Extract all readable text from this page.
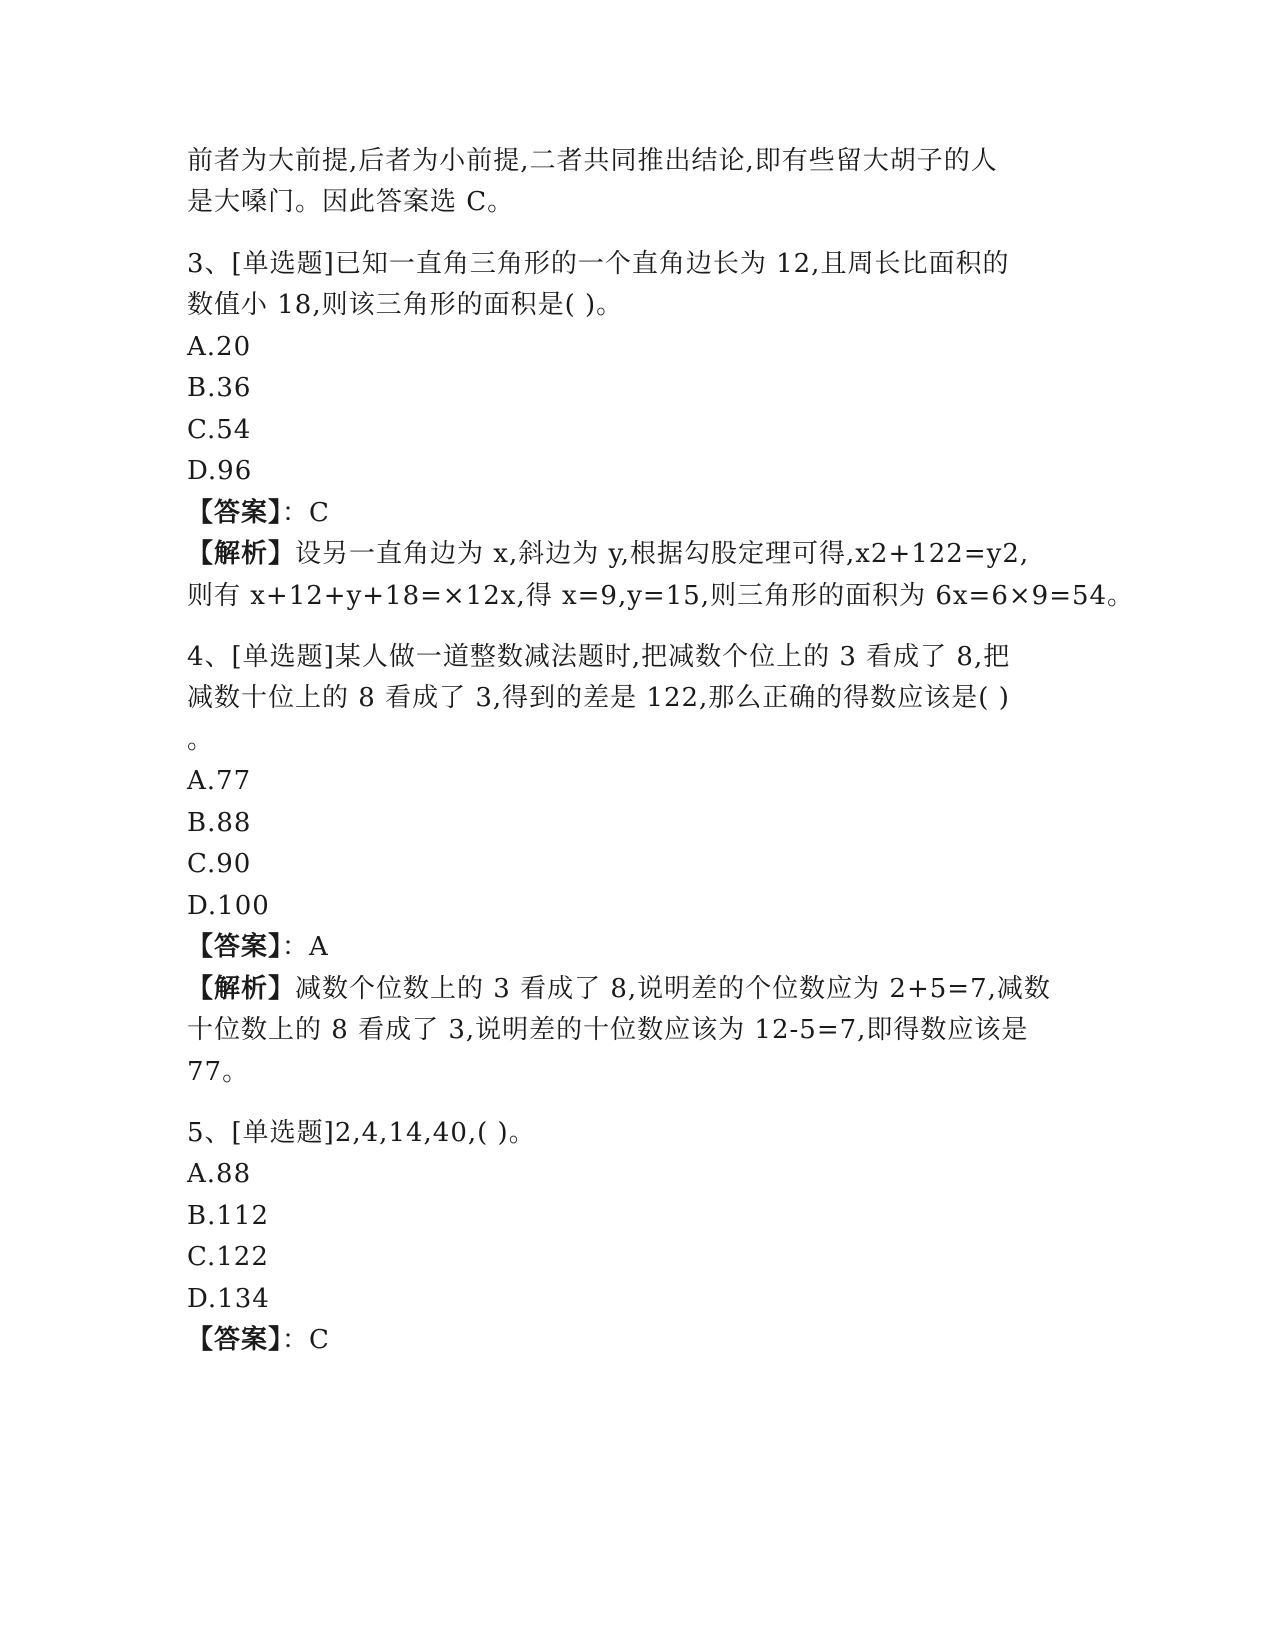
前者为大前提,后者为小前提,二者共同推出结论,即有些留大胡子的人
是大嗓门。因此答案选 C。
3、[单选题]已知一直角三角形的一个直角边长为 12,且周长比面积的
数值小 18,则该三角形的面积是( )。
A.20
B.36
C.54
D.96
【答案】：C
【解析】设另一直角边为 x,斜边为 y,根据勾股定理可得,x2+122=y2,
则有 x+12+y+18=×12x,得 x=9,y=15,则三角形的面积为 6x=6×9=54。
4、[单选题]某人做一道整数减法题时,把减数个位上的 3 看成了 8,把
减数十位上的 8 看成了 3,得到的差是 122,那么正确的得数应该是( )
。
A.77
B.88
C.90
D.100
【答案】：A
【解析】减数个位数上的 3 看成了 8,说明差的个位数应为 2+5=7,减数
十位数上的 8 看成了 3,说明差的十位数应该为 12-5=7,即得数应该是
77。
5、[单选题]2,4,14,40,( )。
A.88
B.112
C.122
D.134
【答案】：C
